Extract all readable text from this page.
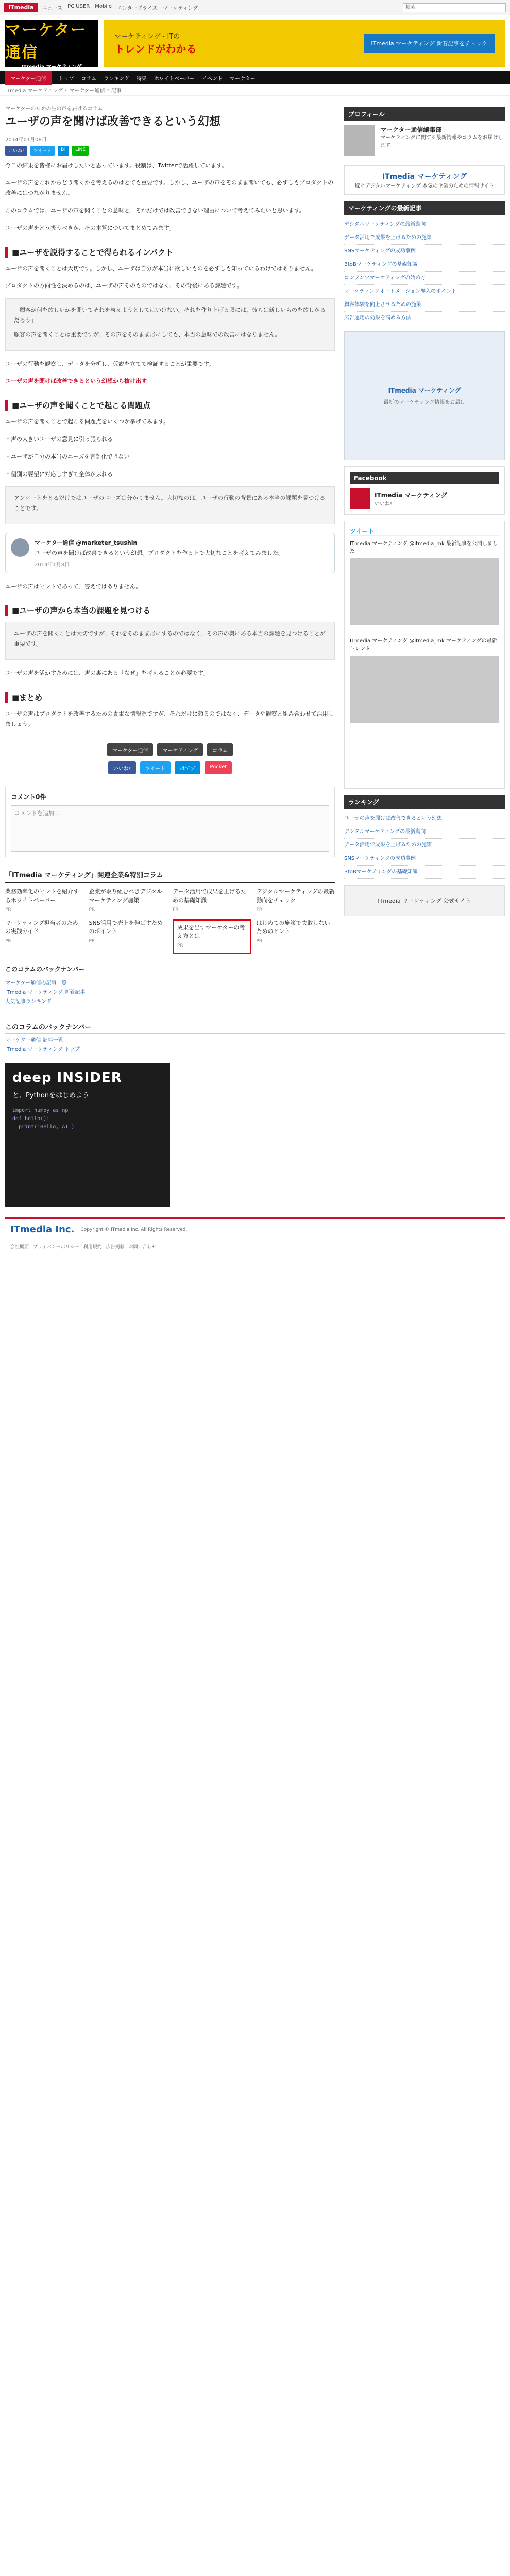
ITmedia	ニュース PC USER Mobile エンタープライズ マーケティング
検索
マーケター通信
ITmedia マーケティング
マーケティング・ITの
トレンドがわかる	ITmedia マーケティング 新着記事をチェック
マーケター通信	トップ コラム ランキング 特集 ホワイトペーパー イベント マーケター
ITmedia マーケティング › マーケター通信 › 記事
マーケターのための生の声を届けるコラム
ユーザの声を聞けば改善できるという幻想
2014年01月08日
いいね!	ツイート	B!	LINE

今日の結果を皆様にお届けしたいと思っています。役割は、Twitterで活躍しています。

ユーザの声をこれからどう聞くかを考えるのはとても重要です。しかし、ユーザの声をそのまま聞いても、必ずしもプロダクトの改善にはつながりません。

このコラムでは、ユーザの声を聞くことの意味と、それだけでは改善できない理由について考えてみたいと思います。

ユーザの声をどう扱うべきか、その本質についてまとめてみます。

■ユーザを説得することで得られるインパクト

ユーザの声を聞くことは大切です。しかし、ユーザは自分が本当に欲しいものを必ずしも知っているわけではありません。

プロダクトの方向性を決めるのは、ユーザの声そのものではなく、その背後にある課題です。

「顧客が何を欲しいかを聞いてそれを与えようとしてはいけない。それを作り上げる頃には、彼らは新しいものを欲しがるだろう」

顧客の声を聞くことは重要ですが、その声をそのまま形にしても、本当の意味での改善にはなりません。

ユーザの行動を観察し、データを分析し、仮説を立てて検証することが重要です。

ユーザの声を聞けば改善できるという幻想から抜け出す

■ユーザの声を聞くことで起こる問題点

ユーザの声を聞くことで起こる問題点をいくつか挙げてみます。

・声の大きいユーザの意見に引っ張られる

・ユーザが自分の本当のニーズを言語化できない

・個別の要望に対応しすぎて全体がぶれる

アンケートをとるだけではユーザのニーズは分かりません。大切なのは、ユーザの行動の背景にある本当の課題を見つけることです。

マーケター通信 @marketer_tsushin
ユーザの声を聞けば改善できるという幻想。プロダクトを作る上で大切なことを考えてみました。
2014年1月8日

ユーザの声はヒントであって、答えではありません。

■ユーザの声から本当の課題を見つける

ユーザの声を聞くことは大切ですが、それをそのまま形にするのではなく、その声の奥にある本当の課題を見つけることが重要です。

ユーザの声を活かすためには、声の裏にある「なぜ」を考えることが必要です。

■まとめ

ユーザの声はプロダクトを改善するための貴重な情報源ですが、それだけに頼るのではなく、データや観察と組み合わせて活用しましょう。

マーケター通信	マーケティング	コラム
いいね!	ツイート	はてブ	Pocket
コメント0件
コメントを追加...
「ITmedia マーケティング」関連企業&特別コラム
業務効率化のヒントを紹介するホワイトペーパー
PR
企業が取り組むべきデジタルマーケティング施策
PR
データ活用で成果を上げるための基礎知識
PR
デジタルマーケティングの最新動向をチェック
PR
マーケティング担当者のための実践ガイド
PR
SNS活用で売上を伸ばすためのポイント
PR
成果を出すマーケターの考え方とは
PR
はじめての施策で失敗しないためのヒント
PR
このコラムのバックナンバー
マーケター通信の記事一覧
ITmedia マーケティング 新着記事
人気記事ランキング
プロフィール
マーケター通信編集部
マーケティングに関する最新情報やコラムをお届けします。
ITmedia マーケティング
稼ぐデジタルマーケティング 本気の企業のための情報サイト
マーケティングの最新記事
デジタルマーケティングの最新動向
データ活用で成果を上げるための施策
SNSマーケティングの成功事例
BtoBマーケティングの基礎知識
コンテンツマーケティングの始め方
マーケティングオートメーション導入のポイント
顧客体験を向上させるための施策
広告運用の効果を高める方法
ITmedia マーケティング
最新のマーケティング情報をお届け
Facebook
ITmedia マーケティング
いいね!
ツイート
ITmedia マーケティング @itmedia_mk 最新記事を公開しました
ITmedia マーケティング @itmedia_mk マーケティングの最新トレンド
ランキング
ユーザの声を聞けば改善できるという幻想
デジタルマーケティングの最新動向
データ活用で成果を上げるための施策
SNSマーケティングの成功事例
BtoBマーケティングの基礎知識
ITmedia マーケティング 公式サイト
このコラムのバックナンバー
マーケター通信 記事一覧
ITmedia マーケティング トップ
deep INSIDER
と、Pythonをはじめよう
import numpy as np
def hello():
print('Hello, AI')
ITmedia Inc. Copyright © ITmedia Inc. All Rights Reserved.
会社概要 プライバシーポリシー 利用規約 広告掲載 お問い合わせ
